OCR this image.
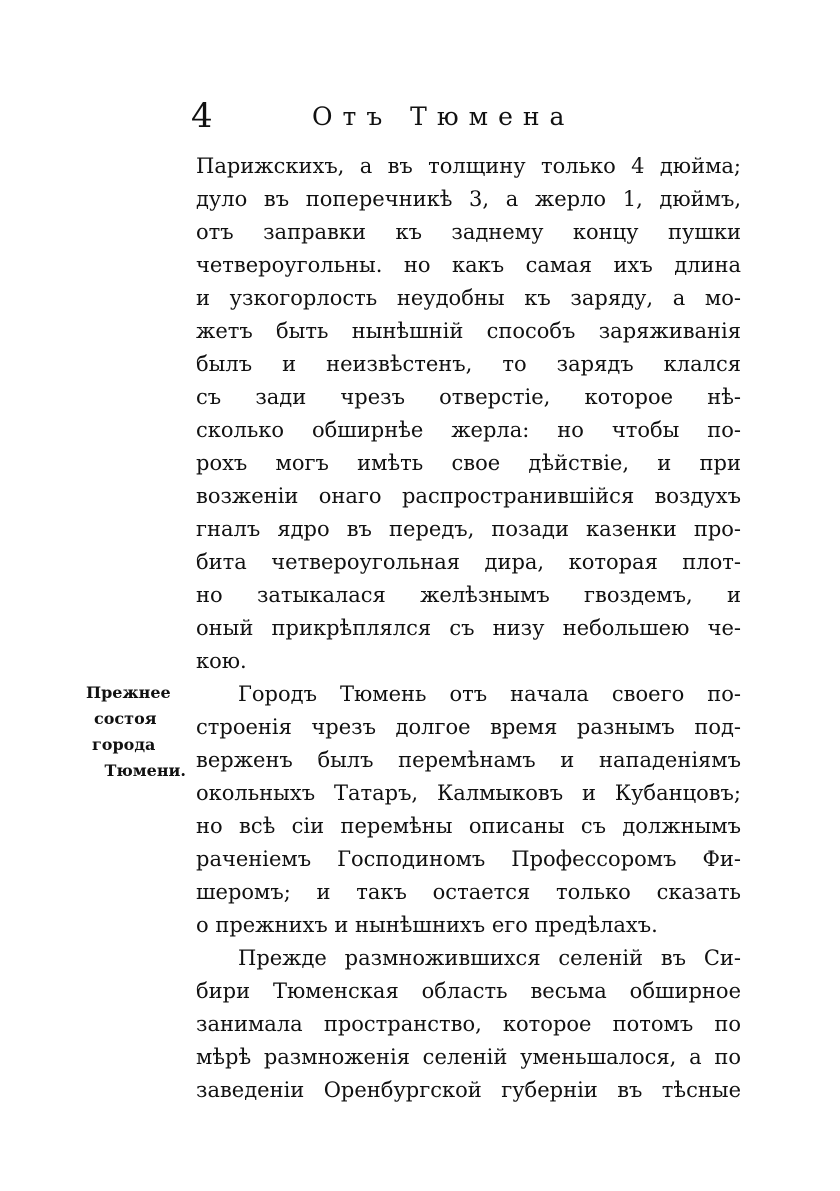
4	Отъ Тюмена
Прежнее
состоя
города
Тюмени.
Парижскихъ, а въ толщину только 4 дюйма;
дуло въ поперечникѣ 3, а жерло 1, дюймъ,
отъ заправки къ заднему концу пушки
четвероугольны. но какъ самая ихъ длина
и узкогорлость неудобны къ заряду, а мо-
жетъ быть нынѣшній способъ заряживанія
былъ и неизвѣстенъ, то зарядъ клался
съ зади чрезъ отверстіе, которое нѣ-
сколько обширнѣе жерла: но чтобы по-
рохъ могъ имѣть свое дѣйствіе, и при
возженіи онаго распространившійся воздухъ
гналъ ядро въ передъ, позади казенки про-
бита четвероугольная дира, которая плот-
но затыкалася желѣзнымъ гвоздемъ, и
оный прикрѣплялся съ низу небольшею че-
кою.
Городъ Тюмень отъ начала своего по-
строенія чрезъ долгое время разнымъ под-
верженъ былъ перемѣнамъ и нападеніямъ
окольныхъ Татаръ, Калмыковъ и Кубанцовъ;
но всѣ сіи перемѣны описаны съ должнымъ
раченіемъ Господиномъ Профессоромъ Фи-
шеромъ; и такъ остается только сказать
о прежнихъ и нынѣшнихъ его предѣлахъ.
Прежде размножившихся селеній въ Си-
бири Тюменская область весьма обширное
занимала пространство, которое потомъ по
мѣрѣ размноженія селеній уменьшалося, а по
заведеніи Оренбургской губерніи въ тѣсные
